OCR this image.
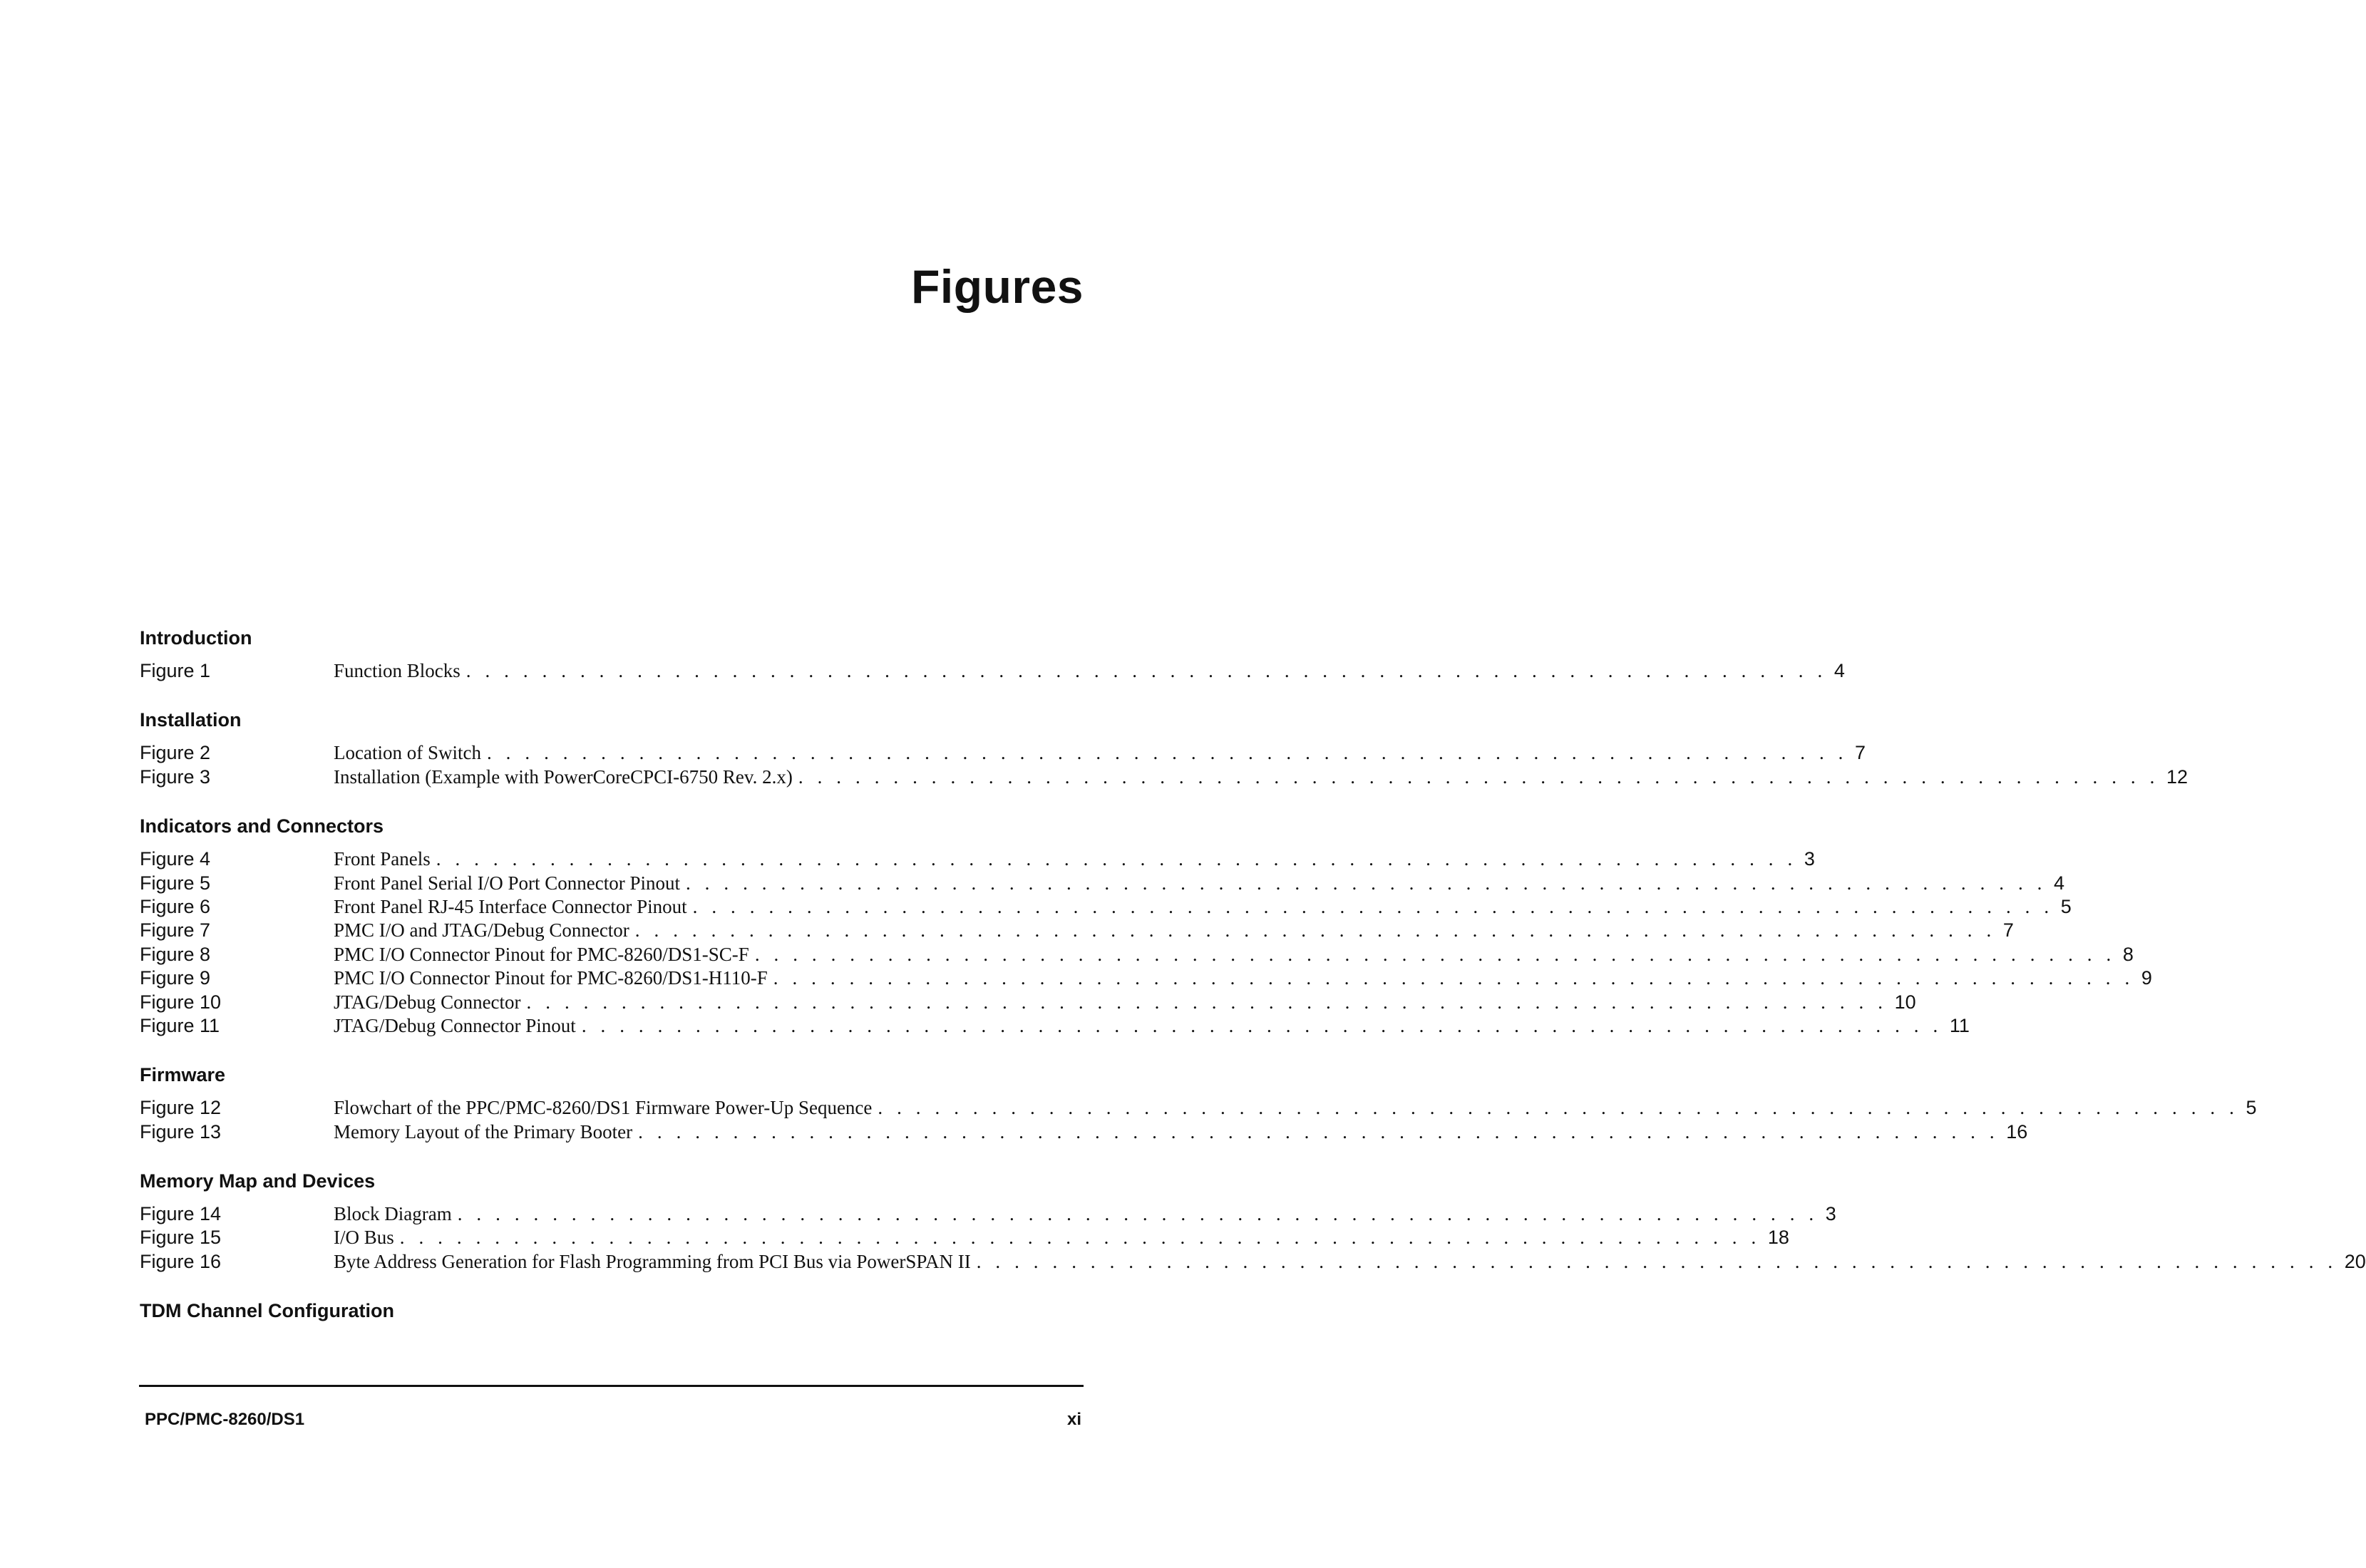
Figures
Introduction
Figure 1	Function Blocks . . . . . . . . . . . . . . . . . . . . . . . . . . . . . . . . . . . . . . . . . . . . . . . . . . . . . . . . . . . . . . . . . . . . . . . . 4
Installation
Figure 2	Location of Switch . . . . . . . . . . . . . . . . . . . . . . . . . . . . . . . . . . . . . . . . . . . . . . . . . . . . . . . . . . . . . . . . . . . . . . . . 7
Figure 3	Installation (Example with PowerCoreCPCI-6750 Rev. 2.x) . . . . . . . . . . . . . . . . . . . . . . . . . . . . . . . . . . . . . . . . . . . . . . . . . . . . . . . . . . . . . . . . . . . . . . . . 12
Indicators and Connectors
Figure 4	Front Panels . . . . . . . . . . . . . . . . . . . . . . . . . . . . . . . . . . . . . . . . . . . . . . . . . . . . . . . . . . . . . . . . . . . . . . . . 3
Figure 5	Front Panel Serial I/O Port Connector Pinout . . . . . . . . . . . . . . . . . . . . . . . . . . . . . . . . . . . . . . . . . . . . . . . . . . . . . . . . . . . . . . . . . . . . . . . . 4
Figure 6	Front Panel RJ-45 Interface Connector Pinout . . . . . . . . . . . . . . . . . . . . . . . . . . . . . . . . . . . . . . . . . . . . . . . . . . . . . . . . . . . . . . . . . . . . . . . . 5
Figure 7	PMC I/O and JTAG/Debug Connector . . . . . . . . . . . . . . . . . . . . . . . . . . . . . . . . . . . . . . . . . . . . . . . . . . . . . . . . . . . . . . . . . . . . . . . . 7
Figure 8	PMC I/O Connector Pinout for PMC-8260/DS1-SC-F . . . . . . . . . . . . . . . . . . . . . . . . . . . . . . . . . . . . . . . . . . . . . . . . . . . . . . . . . . . . . . . . . . . . . . . . 8
Figure 9	PMC I/O Connector Pinout for PMC-8260/DS1-H110-F . . . . . . . . . . . . . . . . . . . . . . . . . . . . . . . . . . . . . . . . . . . . . . . . . . . . . . . . . . . . . . . . . . . . . . . . 9
Figure 10	JTAG/Debug Connector . . . . . . . . . . . . . . . . . . . . . . . . . . . . . . . . . . . . . . . . . . . . . . . . . . . . . . . . . . . . . . . . . . . . . . . . 10
Figure 11	JTAG/Debug Connector Pinout . . . . . . . . . . . . . . . . . . . . . . . . . . . . . . . . . . . . . . . . . . . . . . . . . . . . . . . . . . . . . . . . . . . . . . . . 11
Firmware
Figure 12	Flowchart of the PPC/PMC-8260/DS1 Firmware Power-Up Sequence . . . . . . . . . . . . . . . . . . . . . . . . . . . . . . . . . . . . . . . . . . . . . . . . . . . . . . . . . . . . . . . . . . . . . . . . 5
Figure 13	Memory Layout of the Primary Booter . . . . . . . . . . . . . . . . . . . . . . . . . . . . . . . . . . . . . . . . . . . . . . . . . . . . . . . . . . . . . . . . . . . . . . . . 16
Memory Map and Devices
Figure 14	Block Diagram . . . . . . . . . . . . . . . . . . . . . . . . . . . . . . . . . . . . . . . . . . . . . . . . . . . . . . . . . . . . . . . . . . . . . . . . 3
Figure 15	I/O Bus . . . . . . . . . . . . . . . . . . . . . . . . . . . . . . . . . . . . . . . . . . . . . . . . . . . . . . . . . . . . . . . . . . . . . . . . 18
Figure 16	Byte Address Generation for Flash Programming from PCI Bus via PowerSPAN II . . . . . . . . . . . . . . . . . . . . . . . . . . . . . . . . . . . . . . . . . . . . . . . . . . . . . . . . . . . . . . . . . . . . . . . . 20
TDM Channel Configuration
PPC/PMC-8260/DS1	xi
